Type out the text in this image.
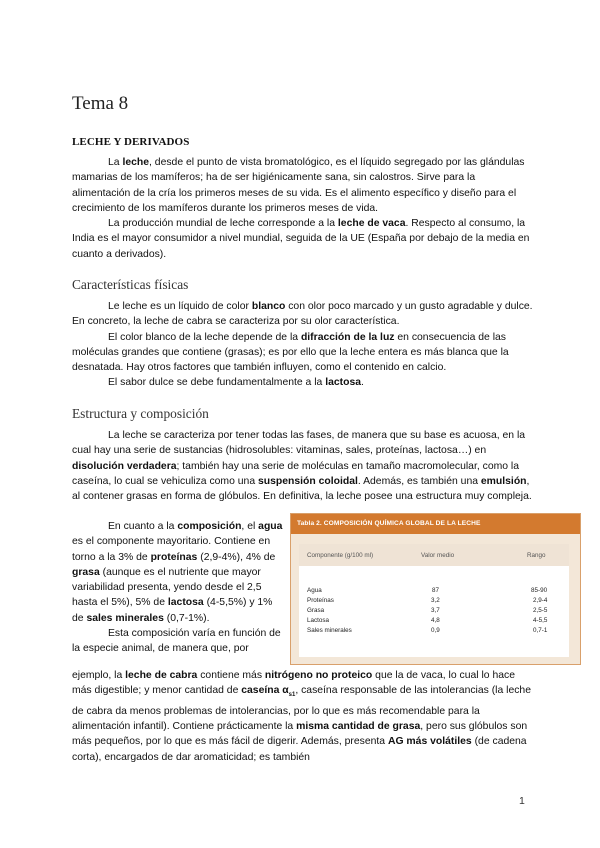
Tema 8
LECHE Y DERIVADOS

La leche, desde el punto de vista bromatológico, es el líquido segregado por las glándulas mamarias de los mamíferos; ha de ser higiénicamente sana, sin calostros. Sirve para la alimentación de la cría los primeros meses de su vida. Es el alimento específico y diseño para el crecimiento de los mamíferos durante los primeros meses de vida.

La producción mundial de leche corresponde a la leche de vaca. Respecto al consumo, la India es el mayor consumidor a nivel mundial, seguida de la UE (España por debajo de la media en cuanto a derivados).

Características físicas

Le leche es un líquido de color blanco con olor poco marcado y un gusto agradable y dulce. En concreto, la leche de cabra se caracteriza por su olor característica.

El color blanco de la leche depende de la difracción de la luz en consecuencia de las moléculas grandes que contiene (grasas); es por ello que la leche entera es más blanca que la desnatada. Hay otros factores que también influyen, como el contenido en calcio.

El sabor dulce se debe fundamentalmente a la lactosa.

Estructura y composición

La leche se caracteriza por tener todas las fases, de manera que su base es acuosa, en la cual hay una serie de sustancias (hidrosolubles: vitaminas, sales, proteínas, lactosa…) en disolución verdadera; también hay una serie de moléculas en tamaño macromolecular, como la caseína, lo cual se vehiculiza como una suspensión coloidal. Además, es también una emulsión, al contener grasas en forma de glóbulos. En definitiva, la leche posee una estructura muy compleja.

En cuanto a la composición, el agua es el componente mayoritario. Contiene en torno a la 3% de proteínas (2,9-4%), 4% de grasa (aunque es el nutriente que mayor variabilidad presenta, yendo desde el 2,5 hasta el 5%), 5% de lactosa (4-5,5%) y 1% de sales minerales (0,7-1%).

Esta composición varía en función de la especie animal, de manera que, por

ejemplo, la leche de cabra contiene más nitrógeno no proteico que la de vaca, lo cual lo hace más digestible; y menor cantidad de caseína $\alpha_{s1}$, caseína responsable de las intolerancias (la leche de cabra da menos problemas de intolerancias, por lo que es más recomendable para la alimentación infantil). Contiene prácticamente la misma cantidad de grasa, pero sus glóbulos son más pequeños, por lo que es más fácil de digerir. Además, presenta AG más volátiles (de cadena corta), encargados de dar aromaticidad; es también

Tabla 2. COMPOSICIÓN QUÍMICA GLOBAL DE LA LECHE
Componente (g/100 ml)	Valor medio	Rango
Agua	87	85-90
Proteínas	3,2	2,9-4
Grasa	3,7	2,5-5
Lactosa	4,8	4-5,5
Sales minerales	0,9	0,7-1
1
